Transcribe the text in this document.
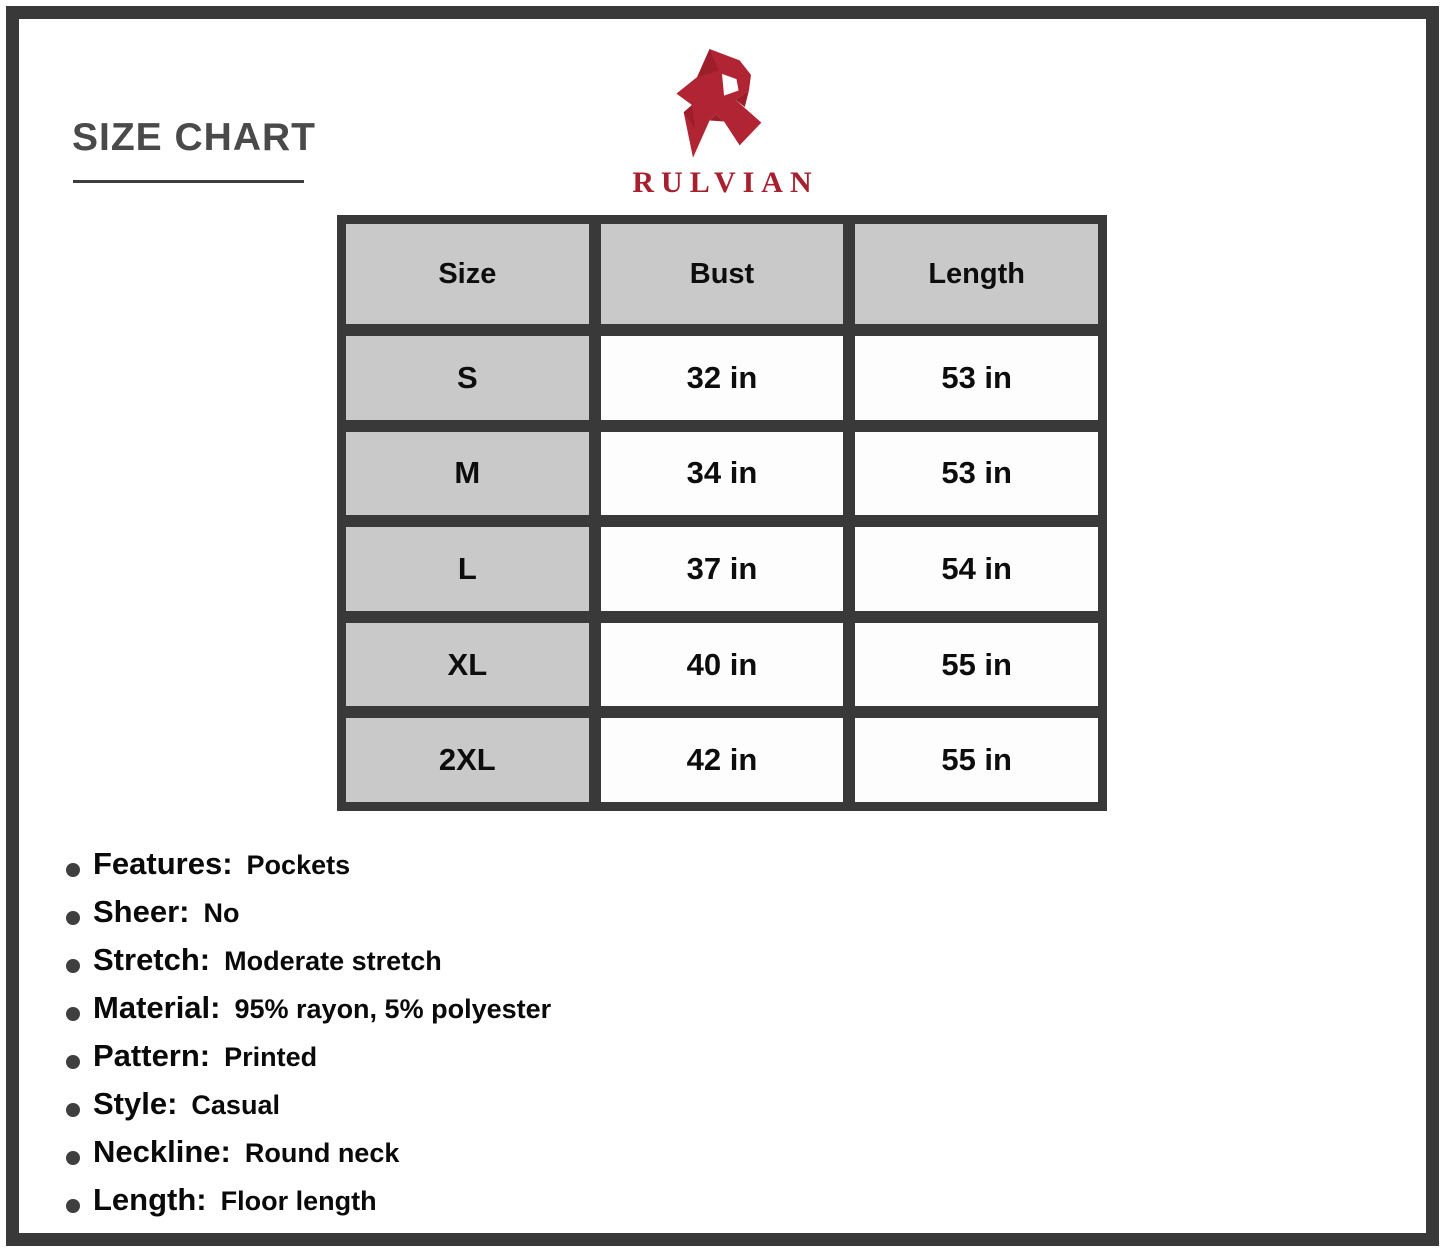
SIZE CHART
RULVIAN
Size	Bust	Length
S	32 in	53 in
M	34 in	53 in
L	37 in	54 in
XL	40 in	55 in
2XL	42 in	55 in
Features: Pockets
Sheer: No
Stretch: Moderate stretch
Material: 95% rayon, 5% polyester
Pattern: Printed
Style: Casual
Neckline: Round neck
Length: Floor length
